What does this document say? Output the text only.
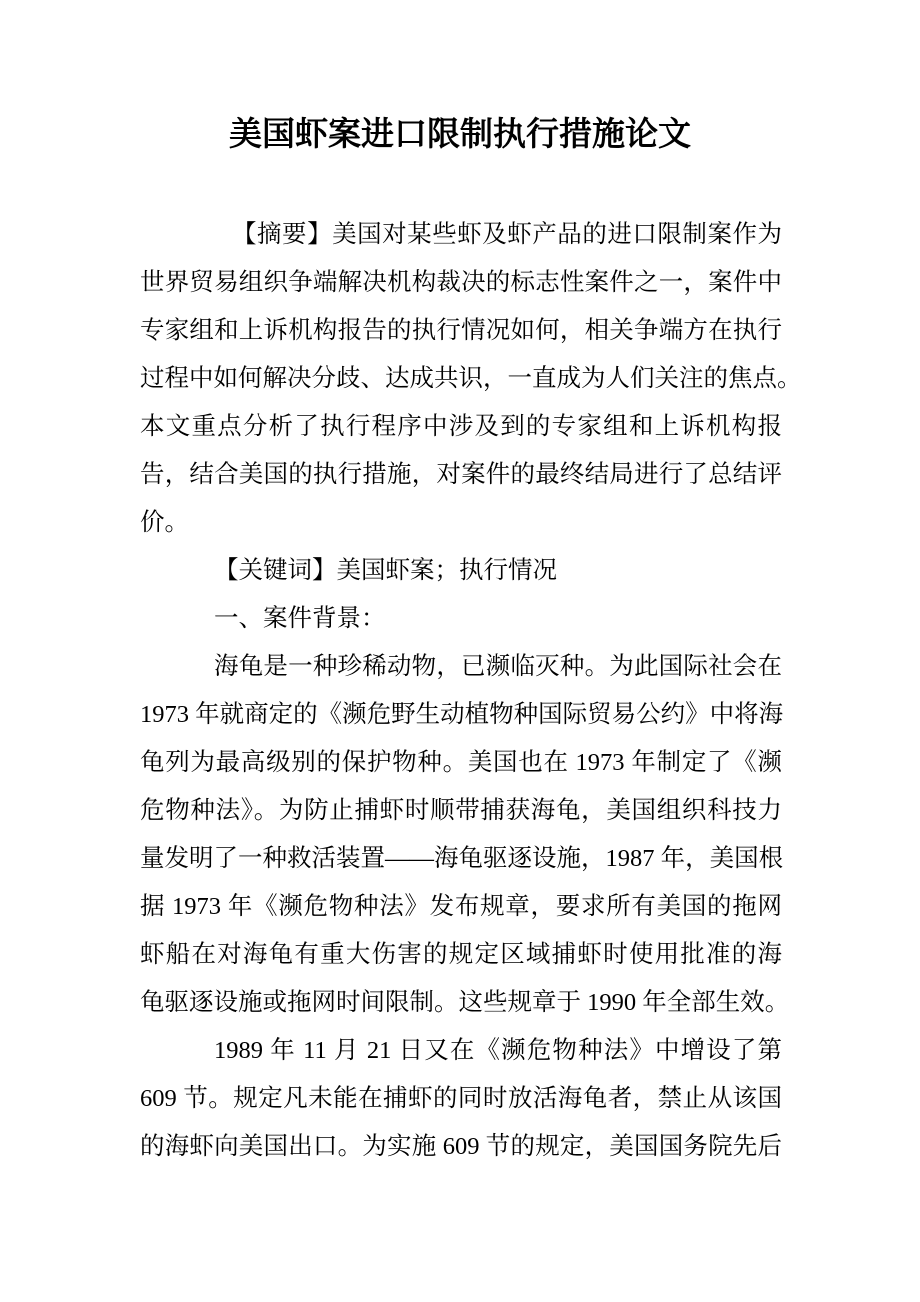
美国虾案进口限制执行措施论文
【摘要】美国对某些虾及虾产品的进口限制案作为
世界贸易组织争端解决机构裁决的标志性案件之一，案件中
专家组和上诉机构报告的执行情况如何，相关争端方在执行
过程中如何解决分歧、达成共识，一直成为人们关注的焦点。
本文重点分析了执行程序中涉及到的专家组和上诉机构报
告，结合美国的执行措施，对案件的最终结局进行了总结评
价。
【关键词】美国虾案；执行情况
一、案件背景：
海龟是一种珍稀动物，已濒临灭种。为此国际社会在
1973 年就商定的《濒危野生动植物种国际贸易公约》中将海
龟列为最高级别的保护物种。美国也在 1973 年制定了《濒
危物种法》。为防止捕虾时顺带捕获海龟，美国组织科技力
量发明了一种救活装置——海龟驱逐设施，1987 年，美国根
据 1973 年《濒危物种法》发布规章，要求所有美国的拖网
虾船在对海龟有重大伤害的规定区域捕虾时使用批准的海
龟驱逐设施或拖网时间限制。这些规章于 1990 年全部生效。
1989 年 11 月 21 日又在《濒危物种法》中增设了第
609 节。规定凡未能在捕虾的同时放活海龟者，禁止从该国
的海虾向美国出口。为实施 609 节的规定，美国国务院先后
